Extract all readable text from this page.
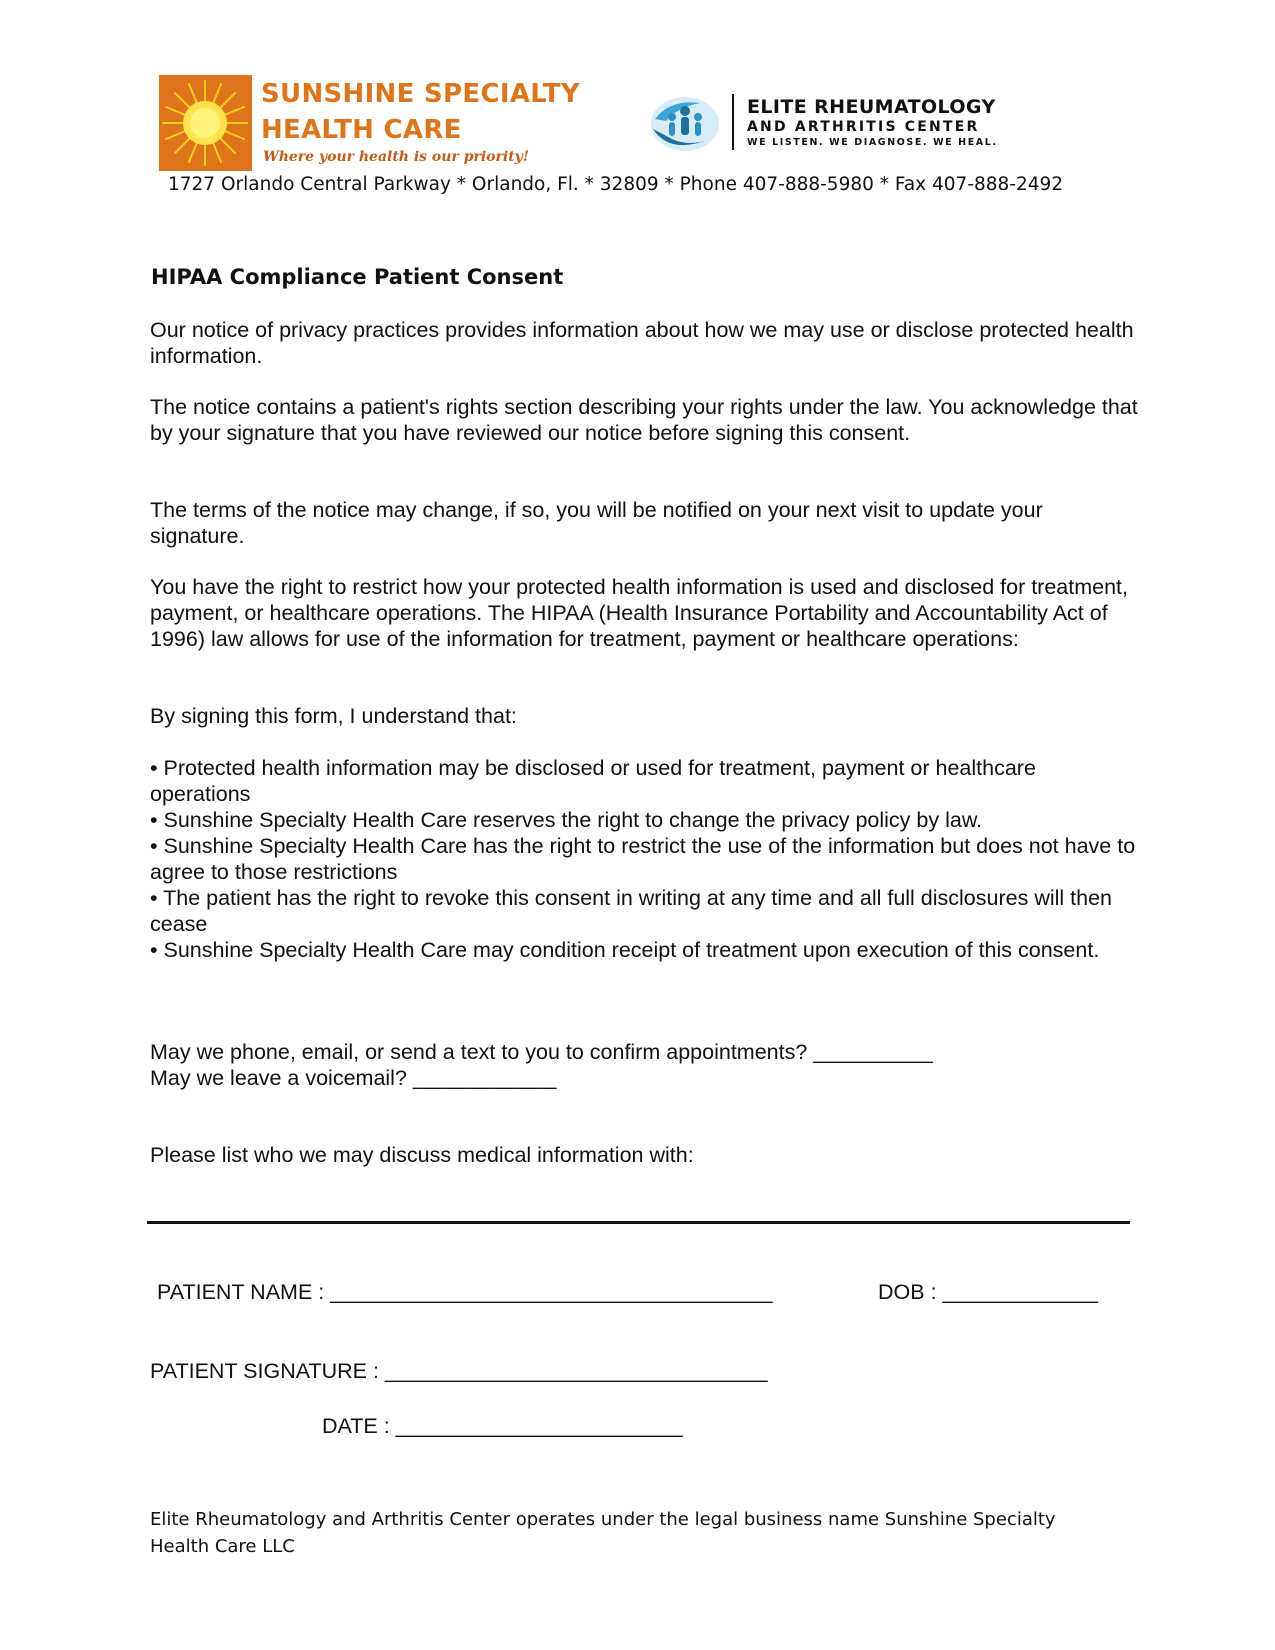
SUNSHINE SPECIALTY
HEALTH CARE
Where your health is our priority!
ELITE RHEUMATOLOGY
AND ARTHRITIS CENTER
WE LISTEN. WE DIAGNOSE. WE HEAL.
1727 Orlando Central Parkway * Orlando, Fl. * 32809 * Phone 407-888-5980 * Fax 407-888-2492
HIPAA Compliance Patient Consent

Our notice of privacy practices provides information about how we may use or disclose protected health information.

The notice contains a patient's rights section describing your rights under the law. You acknowledge that by your signature that you have reviewed our notice before signing this consent.

The terms of the notice may change, if so, you will be notified on your next visit to update your signature.

You have the right to restrict how your protected health information is used and disclosed for treatment, payment, or healthcare operations. The HIPAA (Health Insurance Portability and Accountability Act of 1996) law allows for use of the information for treatment, payment or healthcare operations:

By signing this form, I understand that:

• Protected health information may be disclosed or used for treatment, payment or healthcare operations
• Sunshine Specialty Health Care reserves the right to change the privacy policy by law.
• Sunshine Specialty Health Care has the right to restrict the use of the information but does not have to agree to those restrictions
• The patient has the right to revoke this consent in writing at any time and all full disclosures will then cease
• Sunshine Specialty Health Care may condition receipt of treatment upon execution of this consent.
May we phone, email, or send a text to you to confirm appointments? __________
May we leave a voicemail? ____________

Please list who we may discuss medical information with:

PATIENT NAME : _____________________________________	DOB : _____________
PATIENT SIGNATURE : ________________________________
DATE : ________________________
Elite Rheumatology and Arthritis Center operates under the legal business name Sunshine Specialty Health Care LLC
